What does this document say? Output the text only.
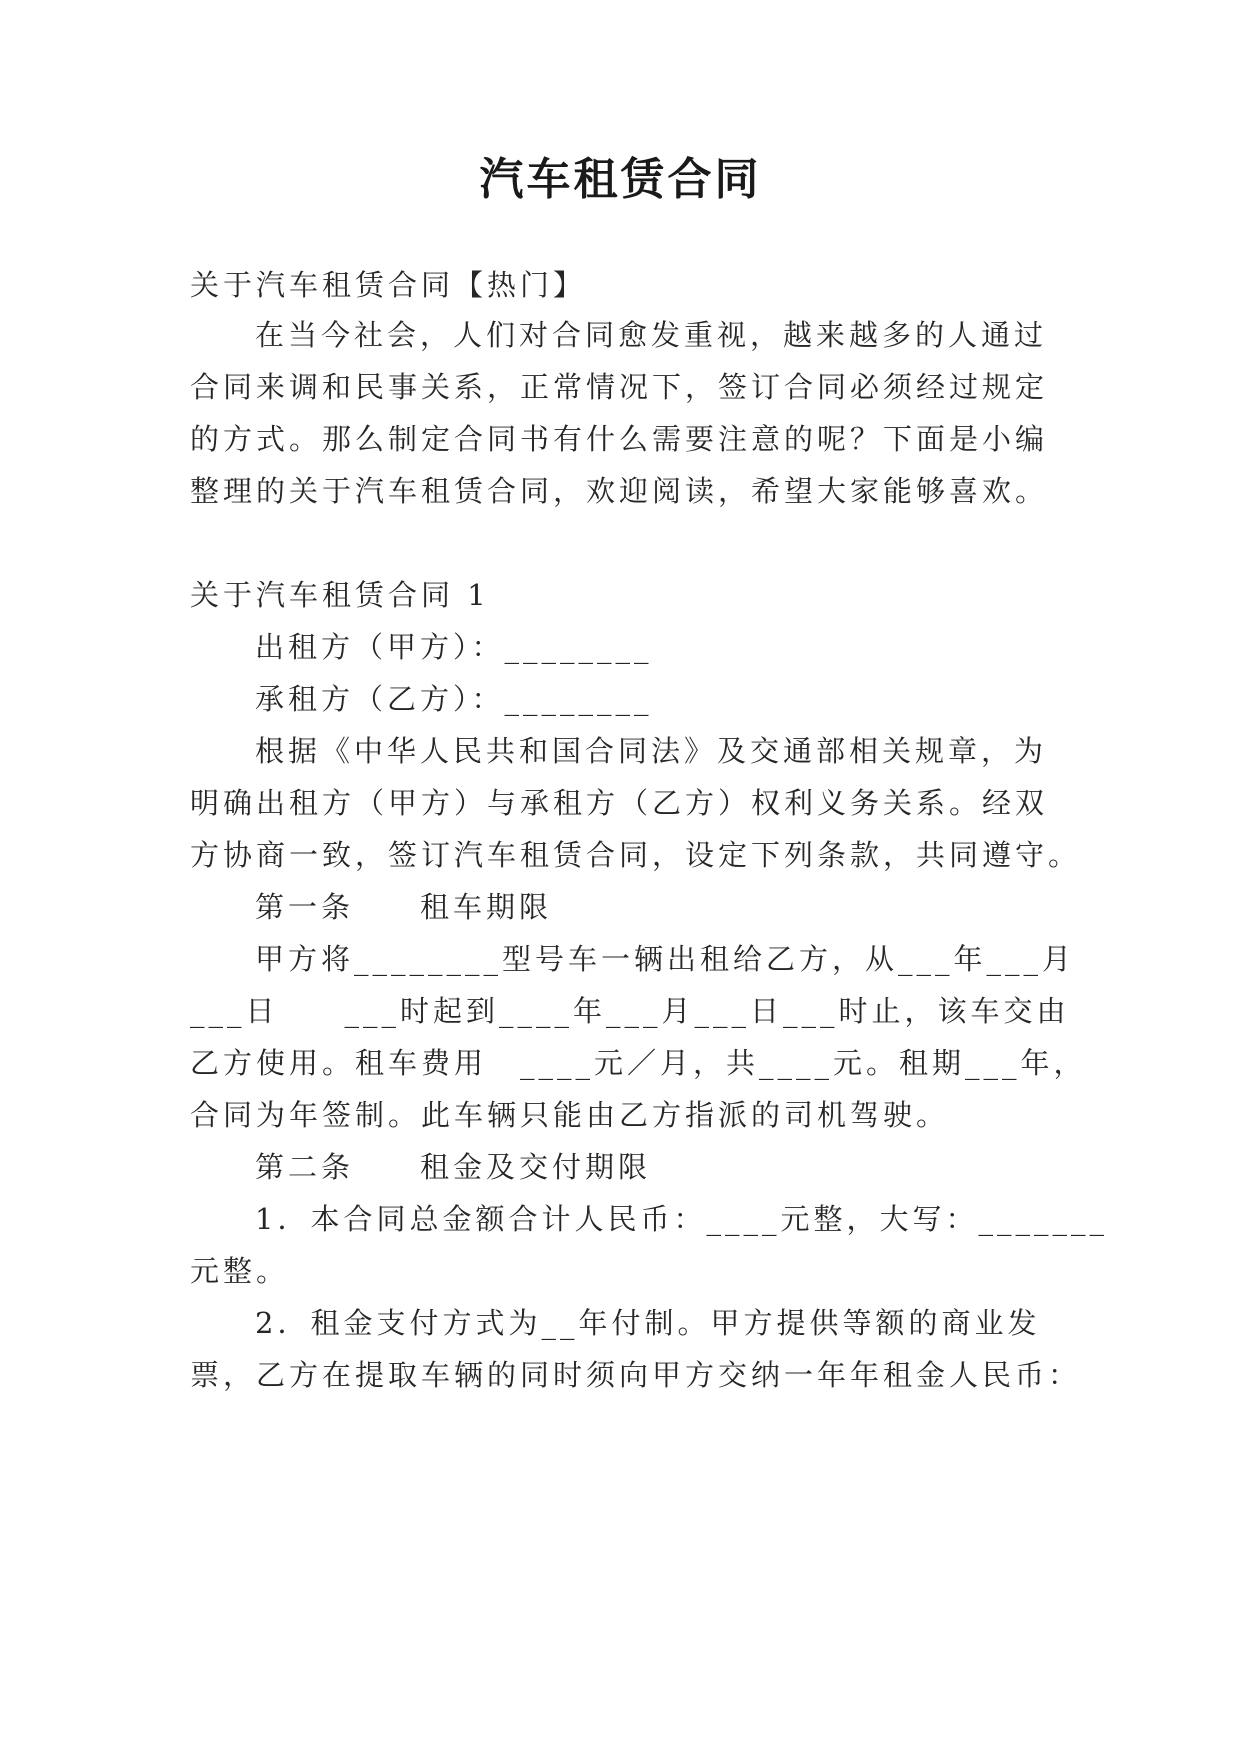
汽车租赁合同
关于汽车租赁合同【热门】
在当今社会，人们对合同愈发重视，越来越多的人通过
合同来调和民事关系，正常情况下，签订合同必须经过规定
的方式。那么制定合同书有什么需要注意的呢？下面是小编
整理的关于汽车租赁合同，欢迎阅读，希望大家能够喜欢。
关于汽车租赁合同 1
出租方（甲方）：________
承租方（乙方）：________
根据《中华人民共和国合同法》及交通部相关规章，为
明确出租方（甲方）与承租方（乙方）权利义务关系。经双
方协商一致，签订汽车租赁合同，设定下列条款，共同遵守。
第一条　　租车期限
甲方将________型号车一辆出租给乙方，从___年___月
___日　　___时起到____年___月___日___时止，该车交由
乙方使用。租车费用　____元／月，共____元。租期___年，
合同为年签制。此车辆只能由乙方指派的司机驾驶。
第二条　　租金及交付期限
1．本合同总金额合计人民币：____元整，大写：_______
元整。
2．租金支付方式为__年付制。甲方提供等额的商业发
票，乙方在提取车辆的同时须向甲方交纳一年年租金人民币：
